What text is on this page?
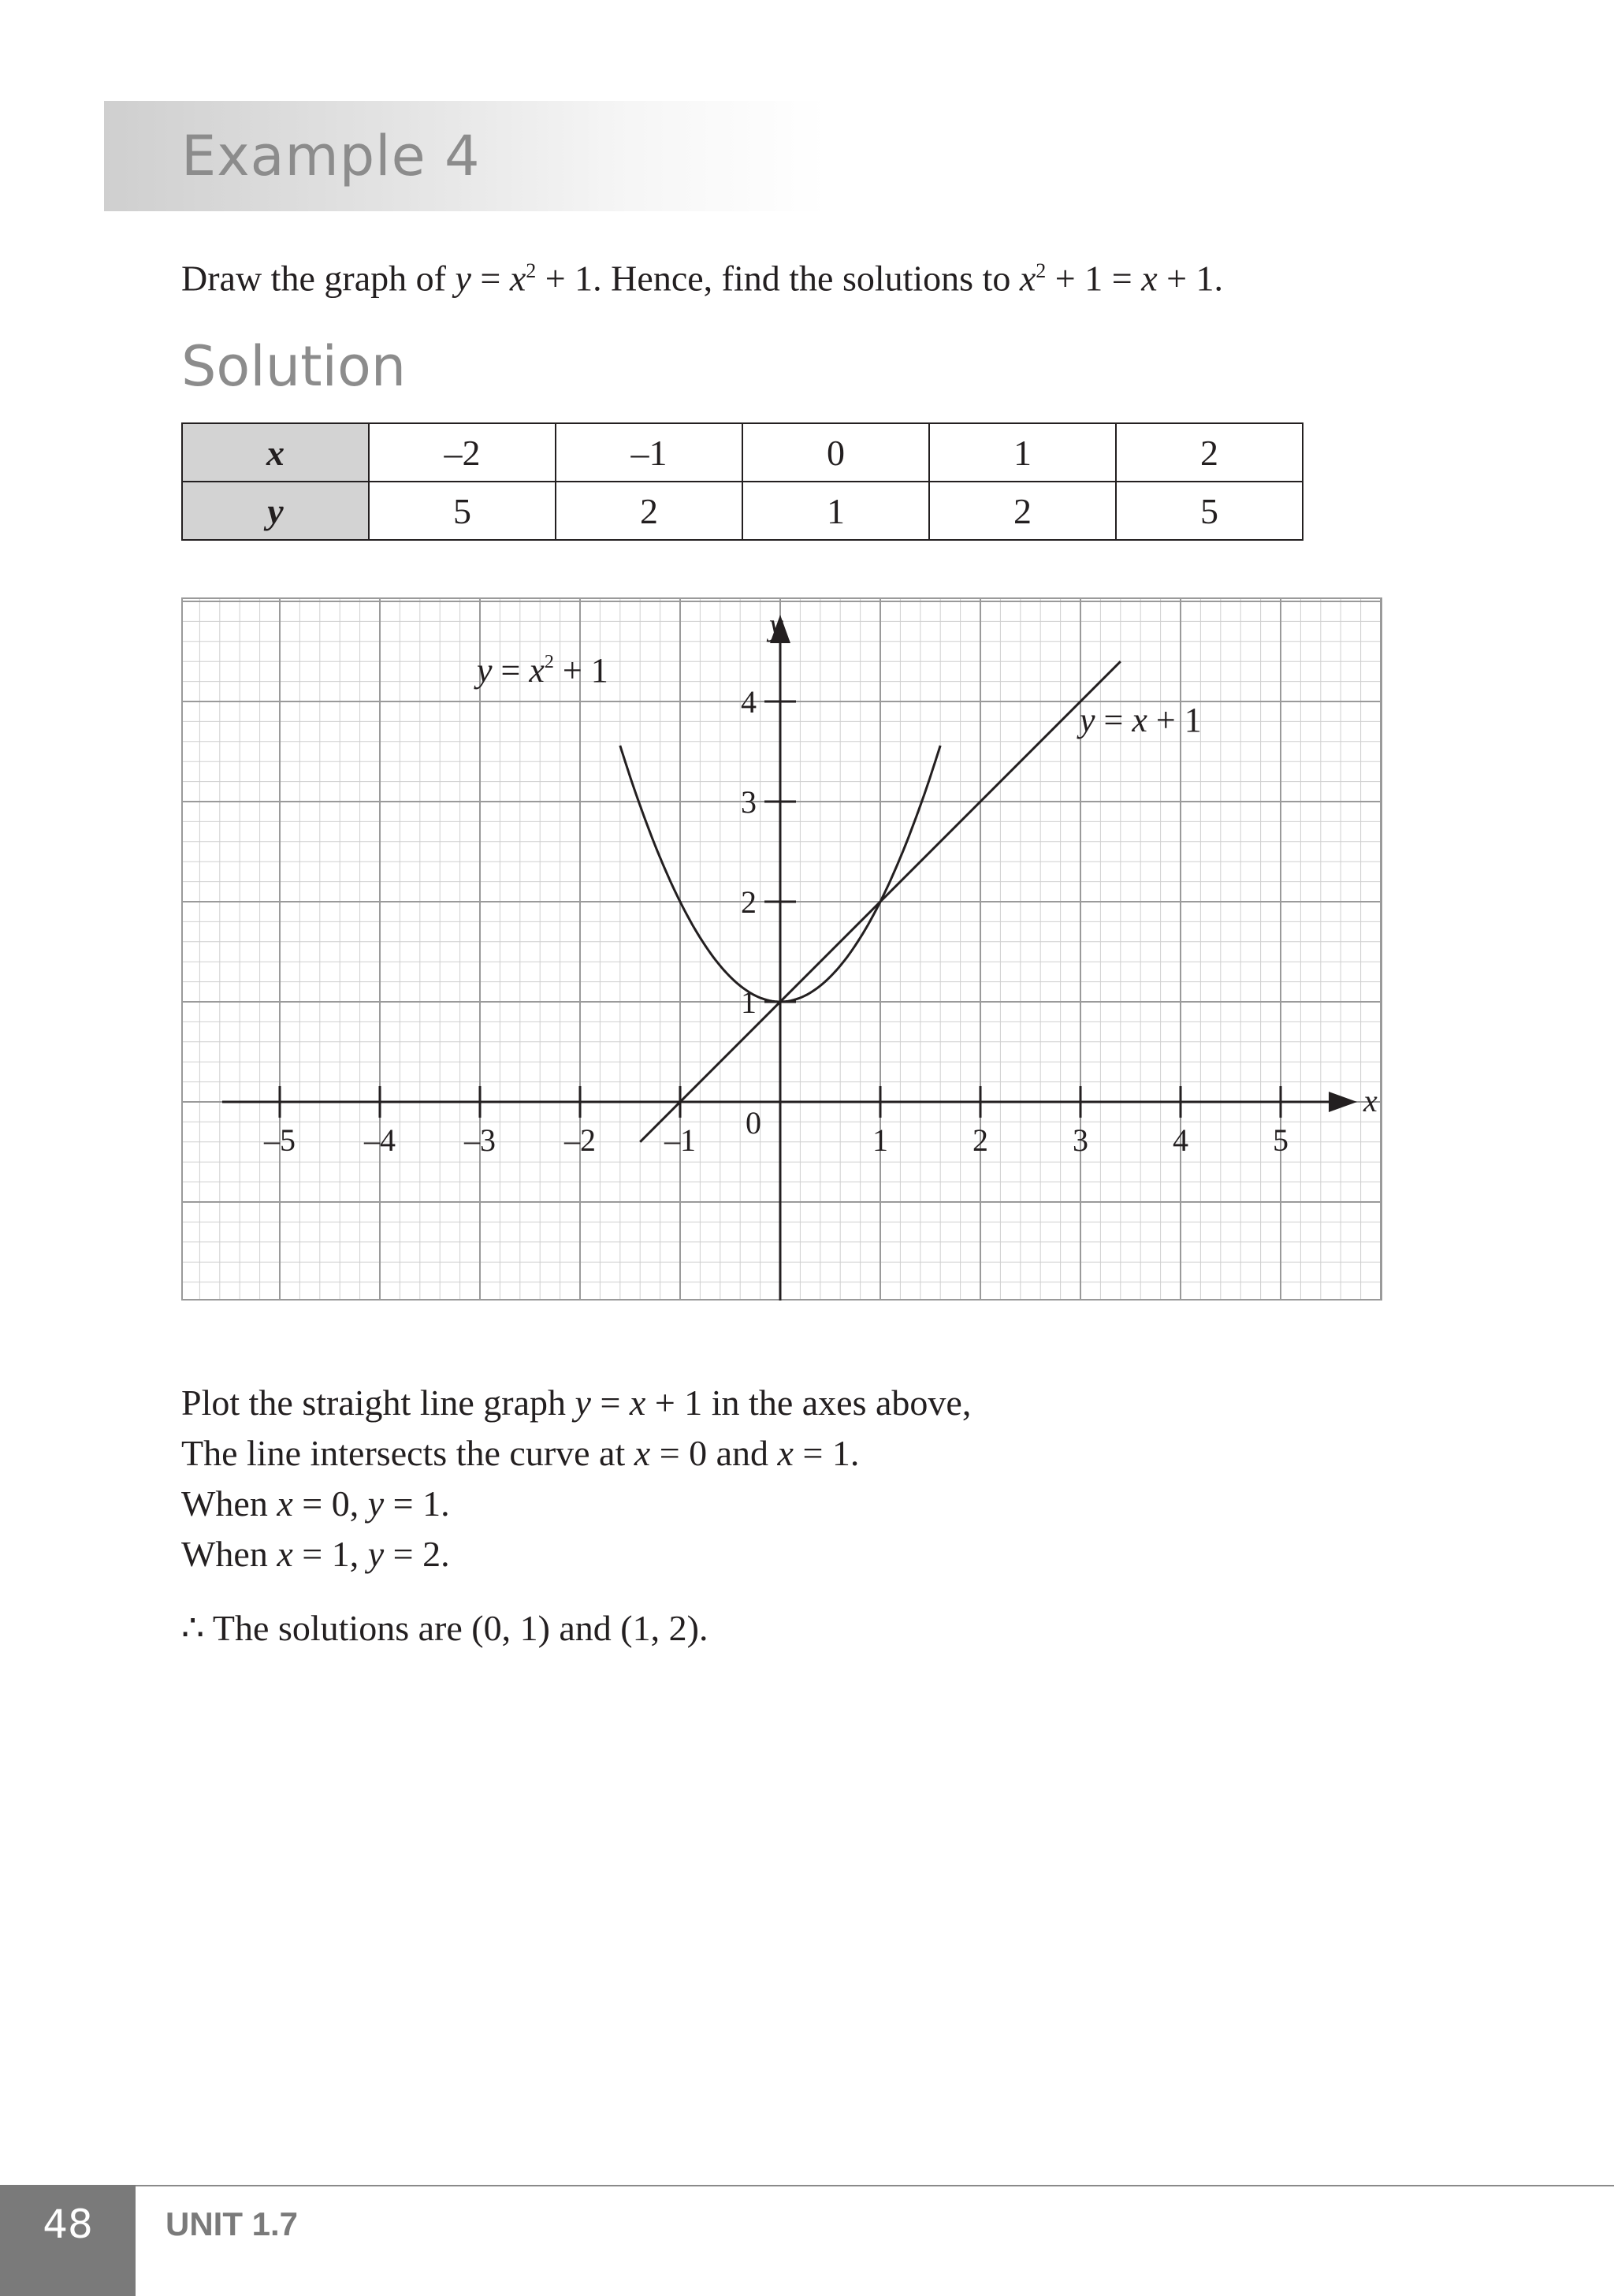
Example 4
Draw the graph of $y = x^2 + 1$. Hence, find the solutions to $x^2 + 1 = x + 1$.
Solution
x	–2	–1	0	1	2
y	5	2	1	2	5
–5 –4 –3 –2 –1	1	2	3	4	5
1
2
3
4
0
x
y
$y = x^2 + 1$
y = x + 1
Plot the straight line graph y = x + 1 in the axes above,
The line intersects the curve at x = 0 and x = 1.
When x = 0, y = 1.
When x = 1, y = 2.
∴ The solutions are (0, 1) and (1, 2).
48	UNIT 1.7
